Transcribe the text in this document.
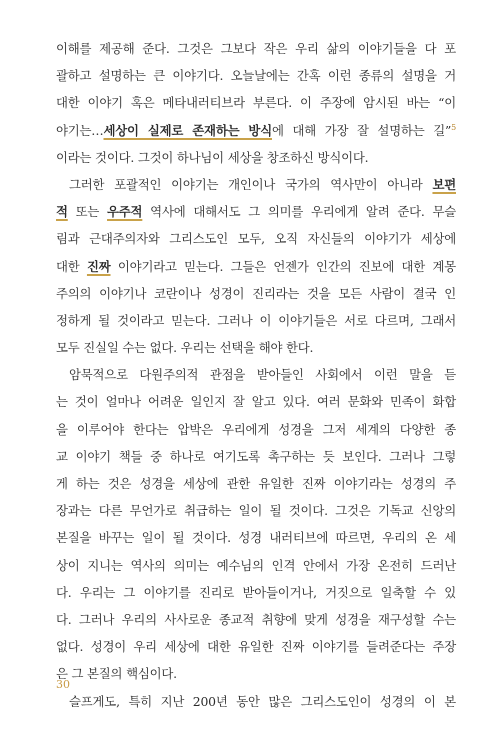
이해를 제공해 준다. 그것은 그보다 작은 우리 삶의 이야기들을 다 포
괄하고 설명하는 큰 이야기다. 오늘날에는 간혹 이런 종류의 설명을 거
대한 이야기 혹은 메타내러티브라 부른다. 이 주장에 암시된 바는 “이
야기는…세상이 실제로 존재하는 방식에 대해 가장 잘 설명하는 길”$^5$
이라는 것이다. 그것이 하나님이 세상을 창조하신 방식이다.
그러한 포괄적인 이야기는 개인이나 국가의 역사만이 아니라 보편
적 또는 우주적 역사에 대해서도 그 의미를 우리에게 알려 준다. 무슬
림과 근대주의자와 그리스도인 모두, 오직 자신들의 이야기가 세상에
대한 진짜 이야기라고 믿는다. 그들은 언젠가 인간의 진보에 대한 계몽
주의의 이야기나 코란이나 성경이 진리라는 것을 모든 사람이 결국 인
정하게 될 것이라고 믿는다. 그러나 이 이야기들은 서로 다르며, 그래서
모두 진실일 수는 없다. 우리는 선택을 해야 한다.
암묵적으로 다원주의적 관점을 받아들인 사회에서 이런 말을 듣
는 것이 얼마나 어려운 일인지 잘 알고 있다. 여러 문화와 민족이 화합
을 이루어야 한다는 압박은 우리에게 성경을 그저 세계의 다양한 종
교 이야기 책들 중 하나로 여기도록 촉구하는 듯 보인다. 그러나 그렇
게 하는 것은 성경을 세상에 관한 유일한 진짜 이야기라는 성경의 주
장과는 다른 무언가로 취급하는 일이 될 것이다. 그것은 기독교 신앙의
본질을 바꾸는 일이 될 것이다. 성경 내러티브에 따르면, 우리의 온 세
상이 지니는 역사의 의미는 예수님의 인격 안에서 가장 온전히 드러난
다. 우리는 그 이야기를 진리로 받아들이거나, 거짓으로 일축할 수 있
다. 그러나 우리의 사사로운 종교적 취향에 맞게 성경을 재구성할 수는
없다. 성경이 우리 세상에 대한 유일한 진짜 이야기를 들려준다는 주장
은 그 본질의 핵심이다.
슬프게도, 특히 지난 200년 동안 많은 그리스도인이 성경의 이 본
30
